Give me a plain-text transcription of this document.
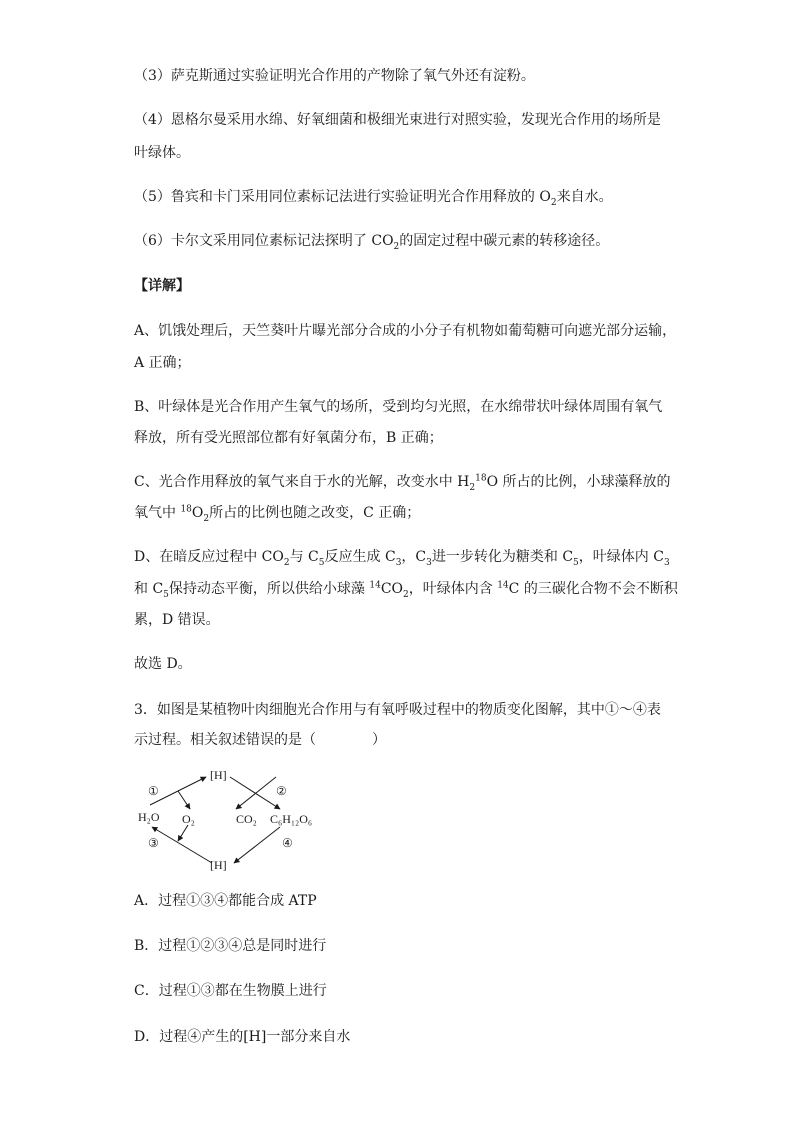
（3）萨克斯通过实验证明光合作用的产物除了氧气外还有淀粉。
（4）恩格尔曼采用水绵、好氧细菌和极细光束进行对照实验，发现光合作用的场所是
叶绿体。
（5）鲁宾和卡门采用同位素标记法进行实验证明光合作用释放的 $O_2$来自水。
（6）卡尔文采用同位素标记法探明了 $CO_2$的固定过程中碳元素的转移途径。
【详解】
A、饥饿处理后，天竺葵叶片曝光部分合成的小分子有机物如葡萄糖可向遮光部分运输，
A 正确；
B、叶绿体是光合作用产生氧气的场所，受到均匀光照，在水绵带状叶绿体周围有氧气
释放，所有受光照部位都有好氧菌分布，B 正确；
C、光合作用释放的氧气来自于水的光解，改变水中 $H_2^{18}O$ 所占的比例，小球藻释放的
氧气中 $^{18}O_2$所占的比例也随之改变，C 正确；
D、在暗反应过程中 $CO_2$与 $C_5$反应生成 $C_3$，$C_3$进一步转化为糖类和 $C_5$，叶绿体内 $C_3$
和 $C_5$保持动态平衡，所以供给小球藻 $^{14}CO_2$，叶绿体内含 $^{14}$C 的三碳化合物不会不断积
累，D 错误。
故选 D。
3．如图是某植物叶肉细胞光合作用与有氧呼吸过程中的物质变化图解，其中①～④表
示过程。相关叙述错误的是（　　　　）
[H]
[H]
H₂O O₂	CO₂ C₆H₁₂O₆
①	②
③	④
A．过程①③④都能合成 ATP
B．过程①②③④总是同时进行
C．过程①③都在生物膜上进行
D．过程④产生的[H]一部分来自水
